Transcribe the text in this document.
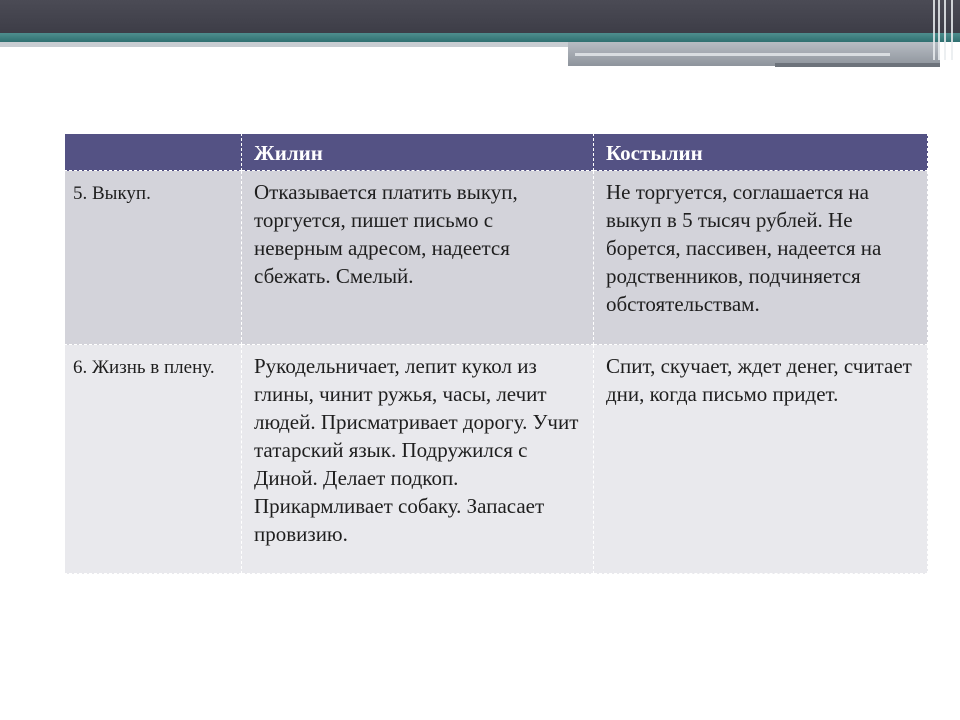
	Жилин	Костылин

5. Выкуп.	Отказывается платить выкуп, торгуется, пишет письмо с неверным адресом, надеется сбежать. Смелый.	Не торгуется, соглашается на выкуп в 5 тысяч рублей. Не борется, пассивен, надеется на родственников, подчиняется обстоятельствам.

6. Жизнь в плену.	Рукодельничает, лепит кукол из глины, чинит ружья, часы, лечит людей. Присматривает дорогу. Учит татарский язык. Подружился с Диной. Делает подкоп. Прикармливает собаку. Запасает провизию.	Спит, скучает, ждет денег, считает дни, когда письмо придет.
